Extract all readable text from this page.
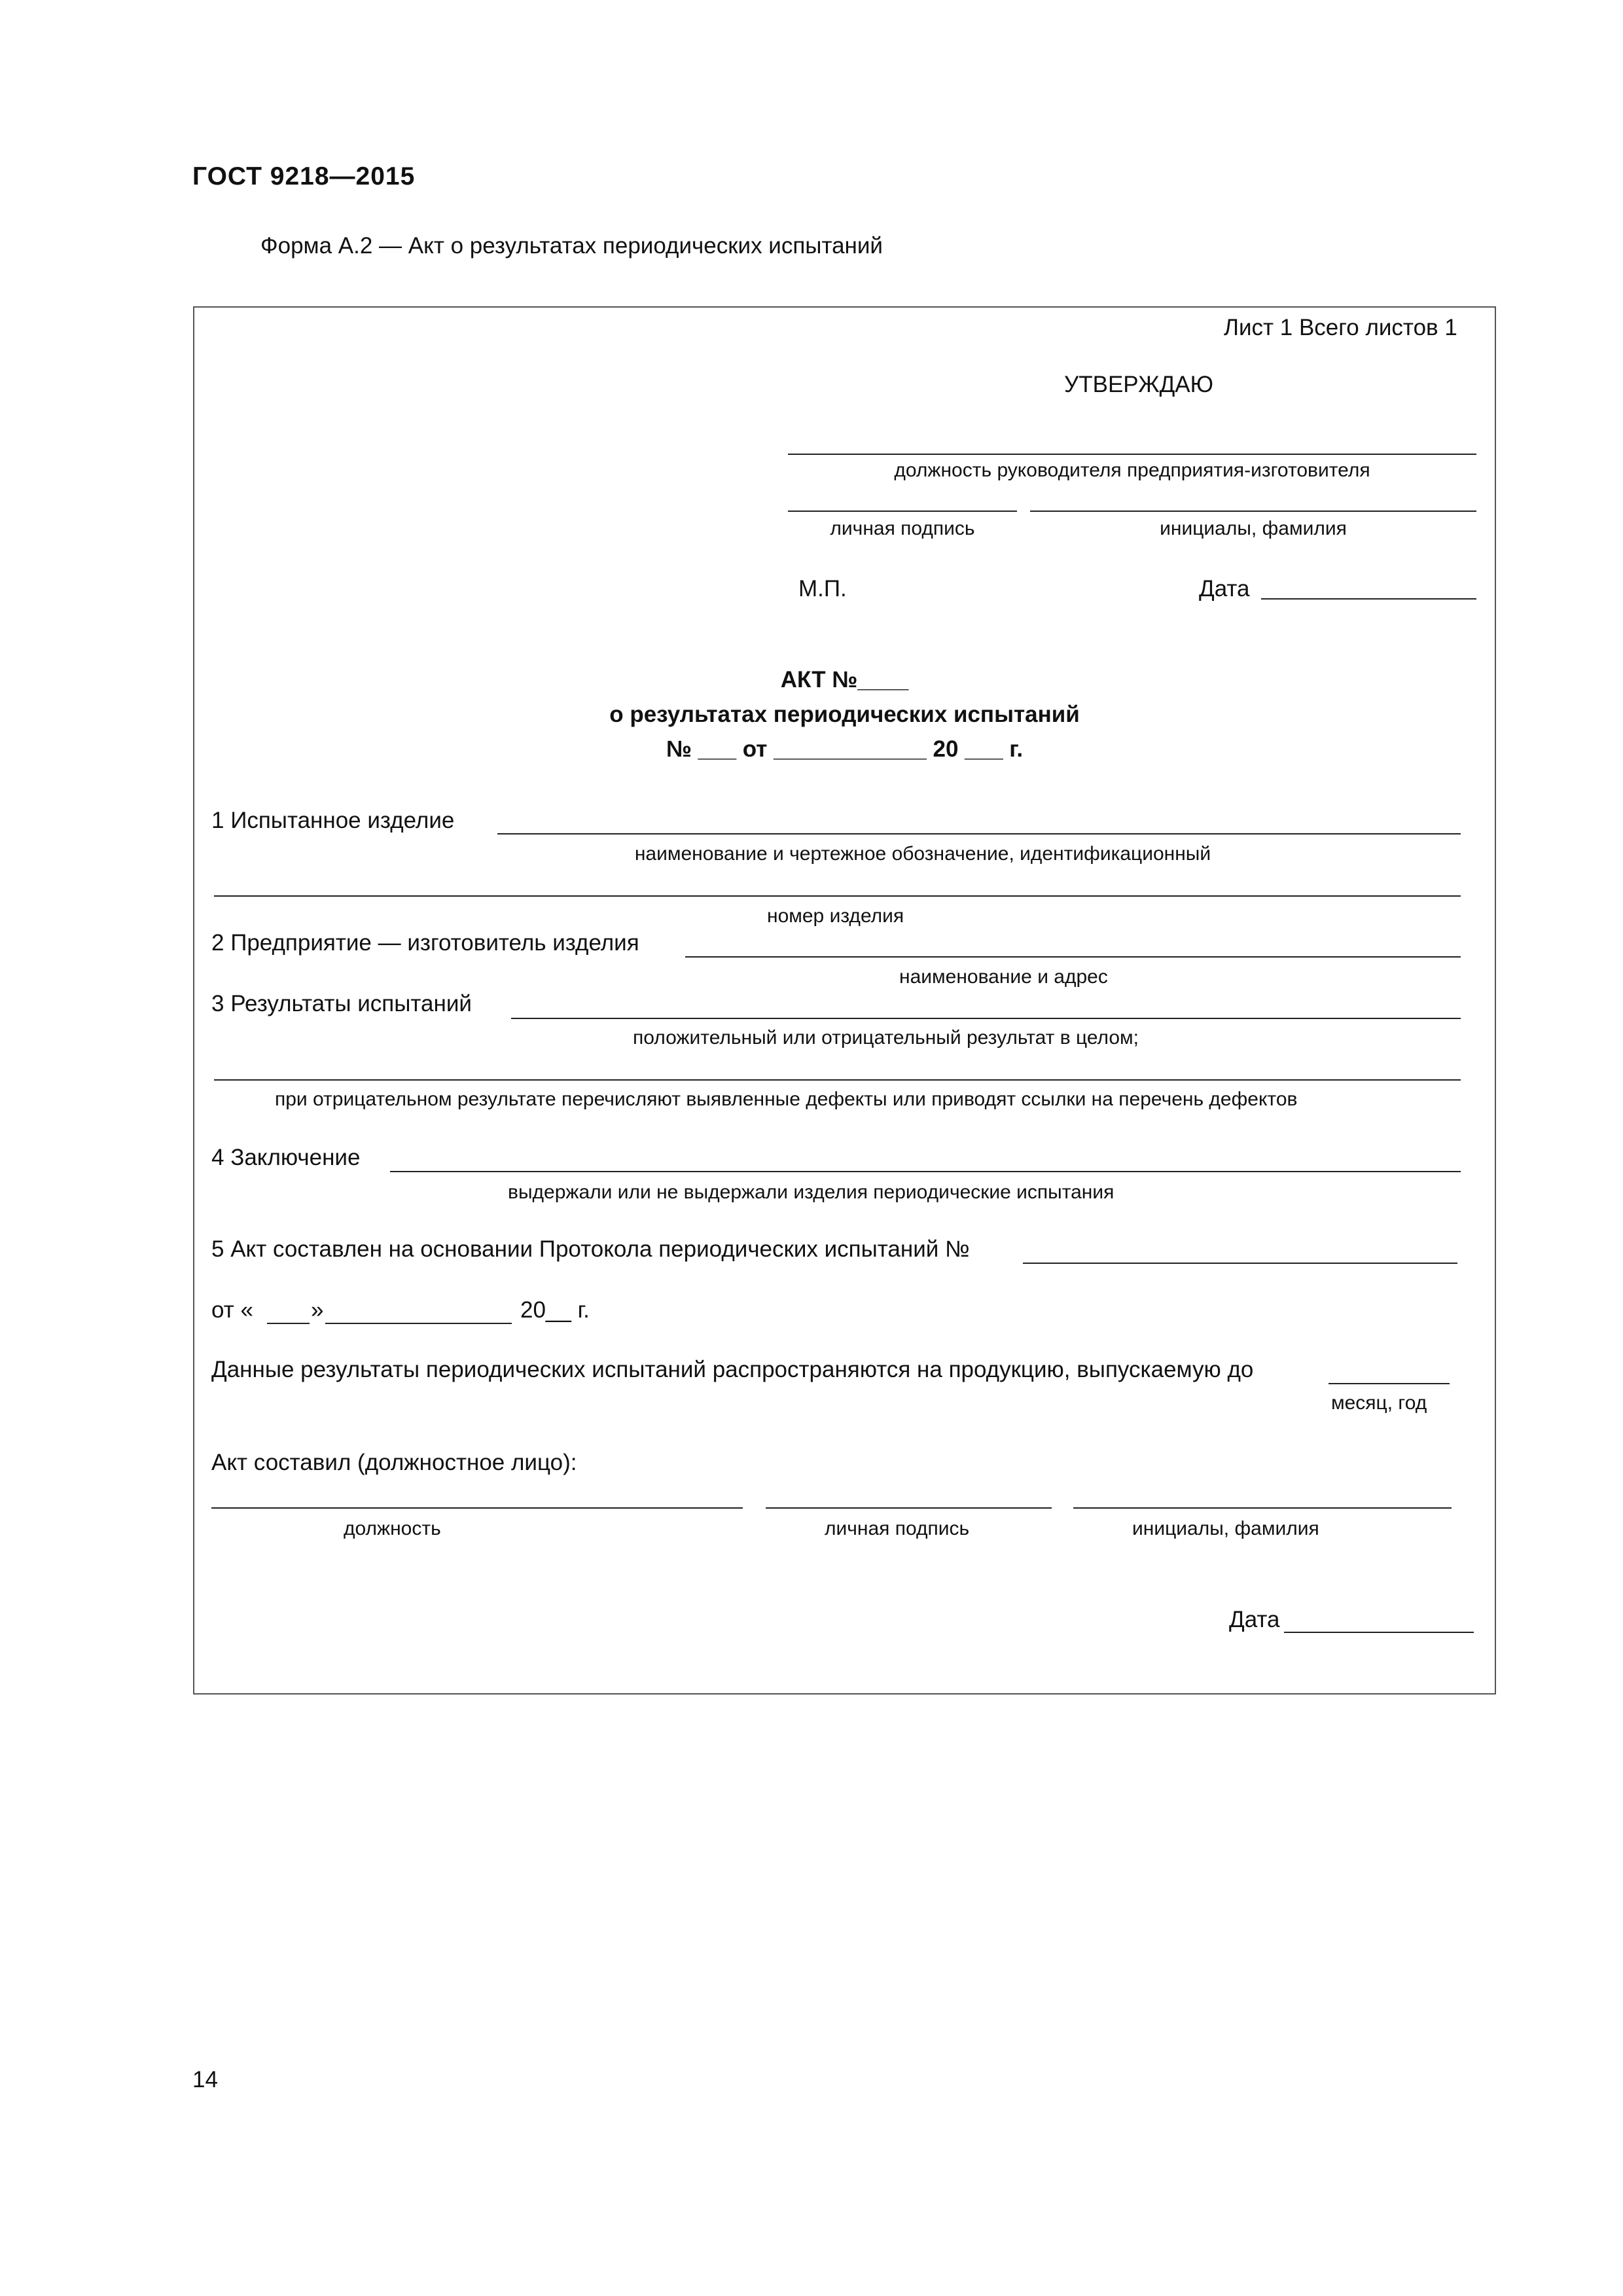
ГОСТ 9218—2015
Форма А.2 — Акт о результатах периодических испытаний
Лист 1 Всего листов 1
УТВЕРЖДАЮ
должность руководителя предприятия-изготовителя
личная подпись	инициалы, фамилия
М.П.	Дата
АКТ №____
о результатах периодических испытаний
№ ___ от ____________ 20 ___ г.
1 Испытанное изделие
наименование и чертежное обозначение, идентификационный
номер изделия
2 Предприятие — изготовитель изделия
наименование и адрес
3 Результаты испытаний
положительный или отрицательный результат в целом;
при отрицательном результате перечисляют выявленные дефекты или приводят ссылки на перечень дефектов
4 Заключение
выдержали или не выдержали изделия периодические испытания
5 Акт составлен на основании Протокола периодических испытаний №
от «	»	20__ г.
Данные результаты периодических испытаний распространяются на продукцию, выпускаемую до
месяц, год
Акт составил (должностное лицо):
должность	личная подпись	инициалы, фамилия
Дата
14
